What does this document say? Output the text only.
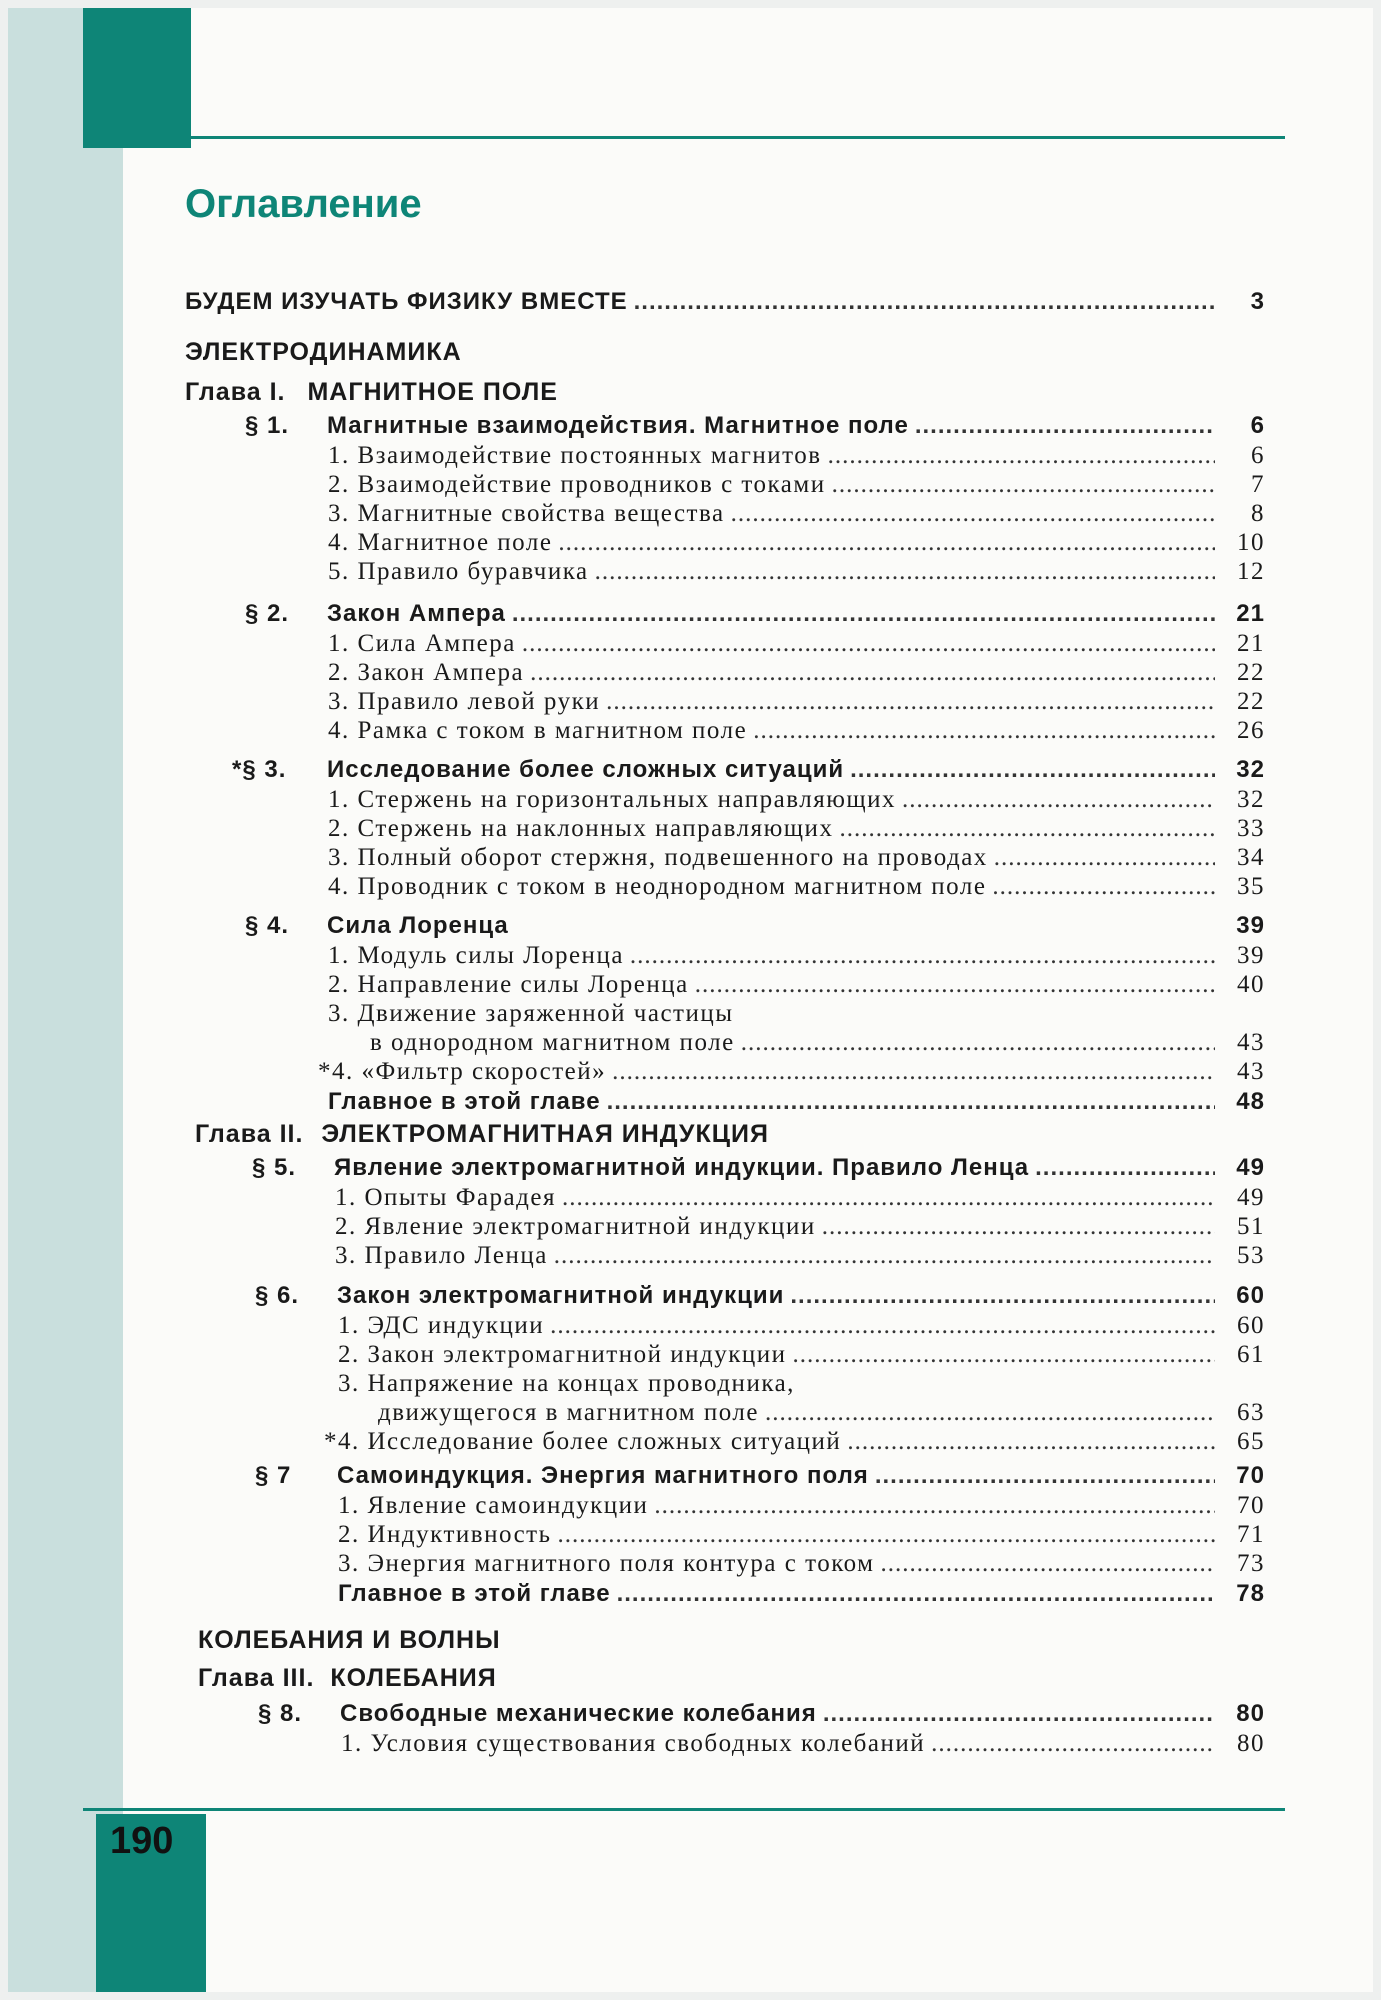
190
Оглавление
БУДЕМ ИЗУЧАТЬ ФИЗИКУ ВМЕСТЕ .....	3
ЭЛЕКТРОДИНАМИКА
Глава I. МАГНИТНОЕ ПОЛЕ
§ 1.	Магнитные взаимодействия. Магнитное поле .....	6
1. Взаимодействие постоянных магнитов .....	6
2. Взаимодействие проводников с токами .....	7
3. Магнитные свойства вещества .....	8
4. Магнитное поле .....	10
5. Правило буравчика .....	12
§ 2.	Закон Ампера .....	21
1. Сила Ампера .....	21
2. Закон Ампера .....	22
3. Правило левой руки .....	22
4. Рамка с током в магнитном поле .....	26
*§ 3.	Исследование более сложных ситуаций .....	32
1. Стержень на горизонтальных направляющих .....	32
2. Стержень на наклонных направляющих .....	33
3. Полный оборот стержня, подвешенного на проводах .....	34
4. Проводник с током в неоднородном магнитном поле .....	35
§ 4.	Сила Лоренца	39
1. Модуль силы Лоренца .....	39
2. Направление силы Лоренца .....	40
3. Движение заряженной частицы
в однородном магнитном поле .....	43
*4. «Фильтр скоростей» .....	43
Главное в этой главе .....	48
Глава II. ЭЛЕКТРОМАГНИТНАЯ ИНДУКЦИЯ
§ 5.	Явление электромагнитной индукции. Правило Ленца .....	49
1. Опыты Фарадея .....	49
2. Явление электромагнитной индукции .....	51
3. Правило Ленца .....	53
§ 6.	Закон электромагнитной индукции .....	60
1. ЭДС индукции .....	60
2. Закон электромагнитной индукции .....	61
3. Напряжение на концах проводника,
движущегося в магнитном поле .....	63
*4. Исследование более сложных ситуаций .....	65
§ 7	Самоиндукция. Энергия магнитного поля .....	70
1. Явление самоиндукции .....	70
2. Индуктивность .....	71
3. Энергия магнитного поля контура с током .....	73
Главное в этой главе .....	78
КОЛЕБАНИЯ И ВОЛНЫ
Глава III. КОЛЕБАНИЯ
§ 8.	Свободные механические колебания .....	80
1. Условия существования свободных колебаний .....	80
